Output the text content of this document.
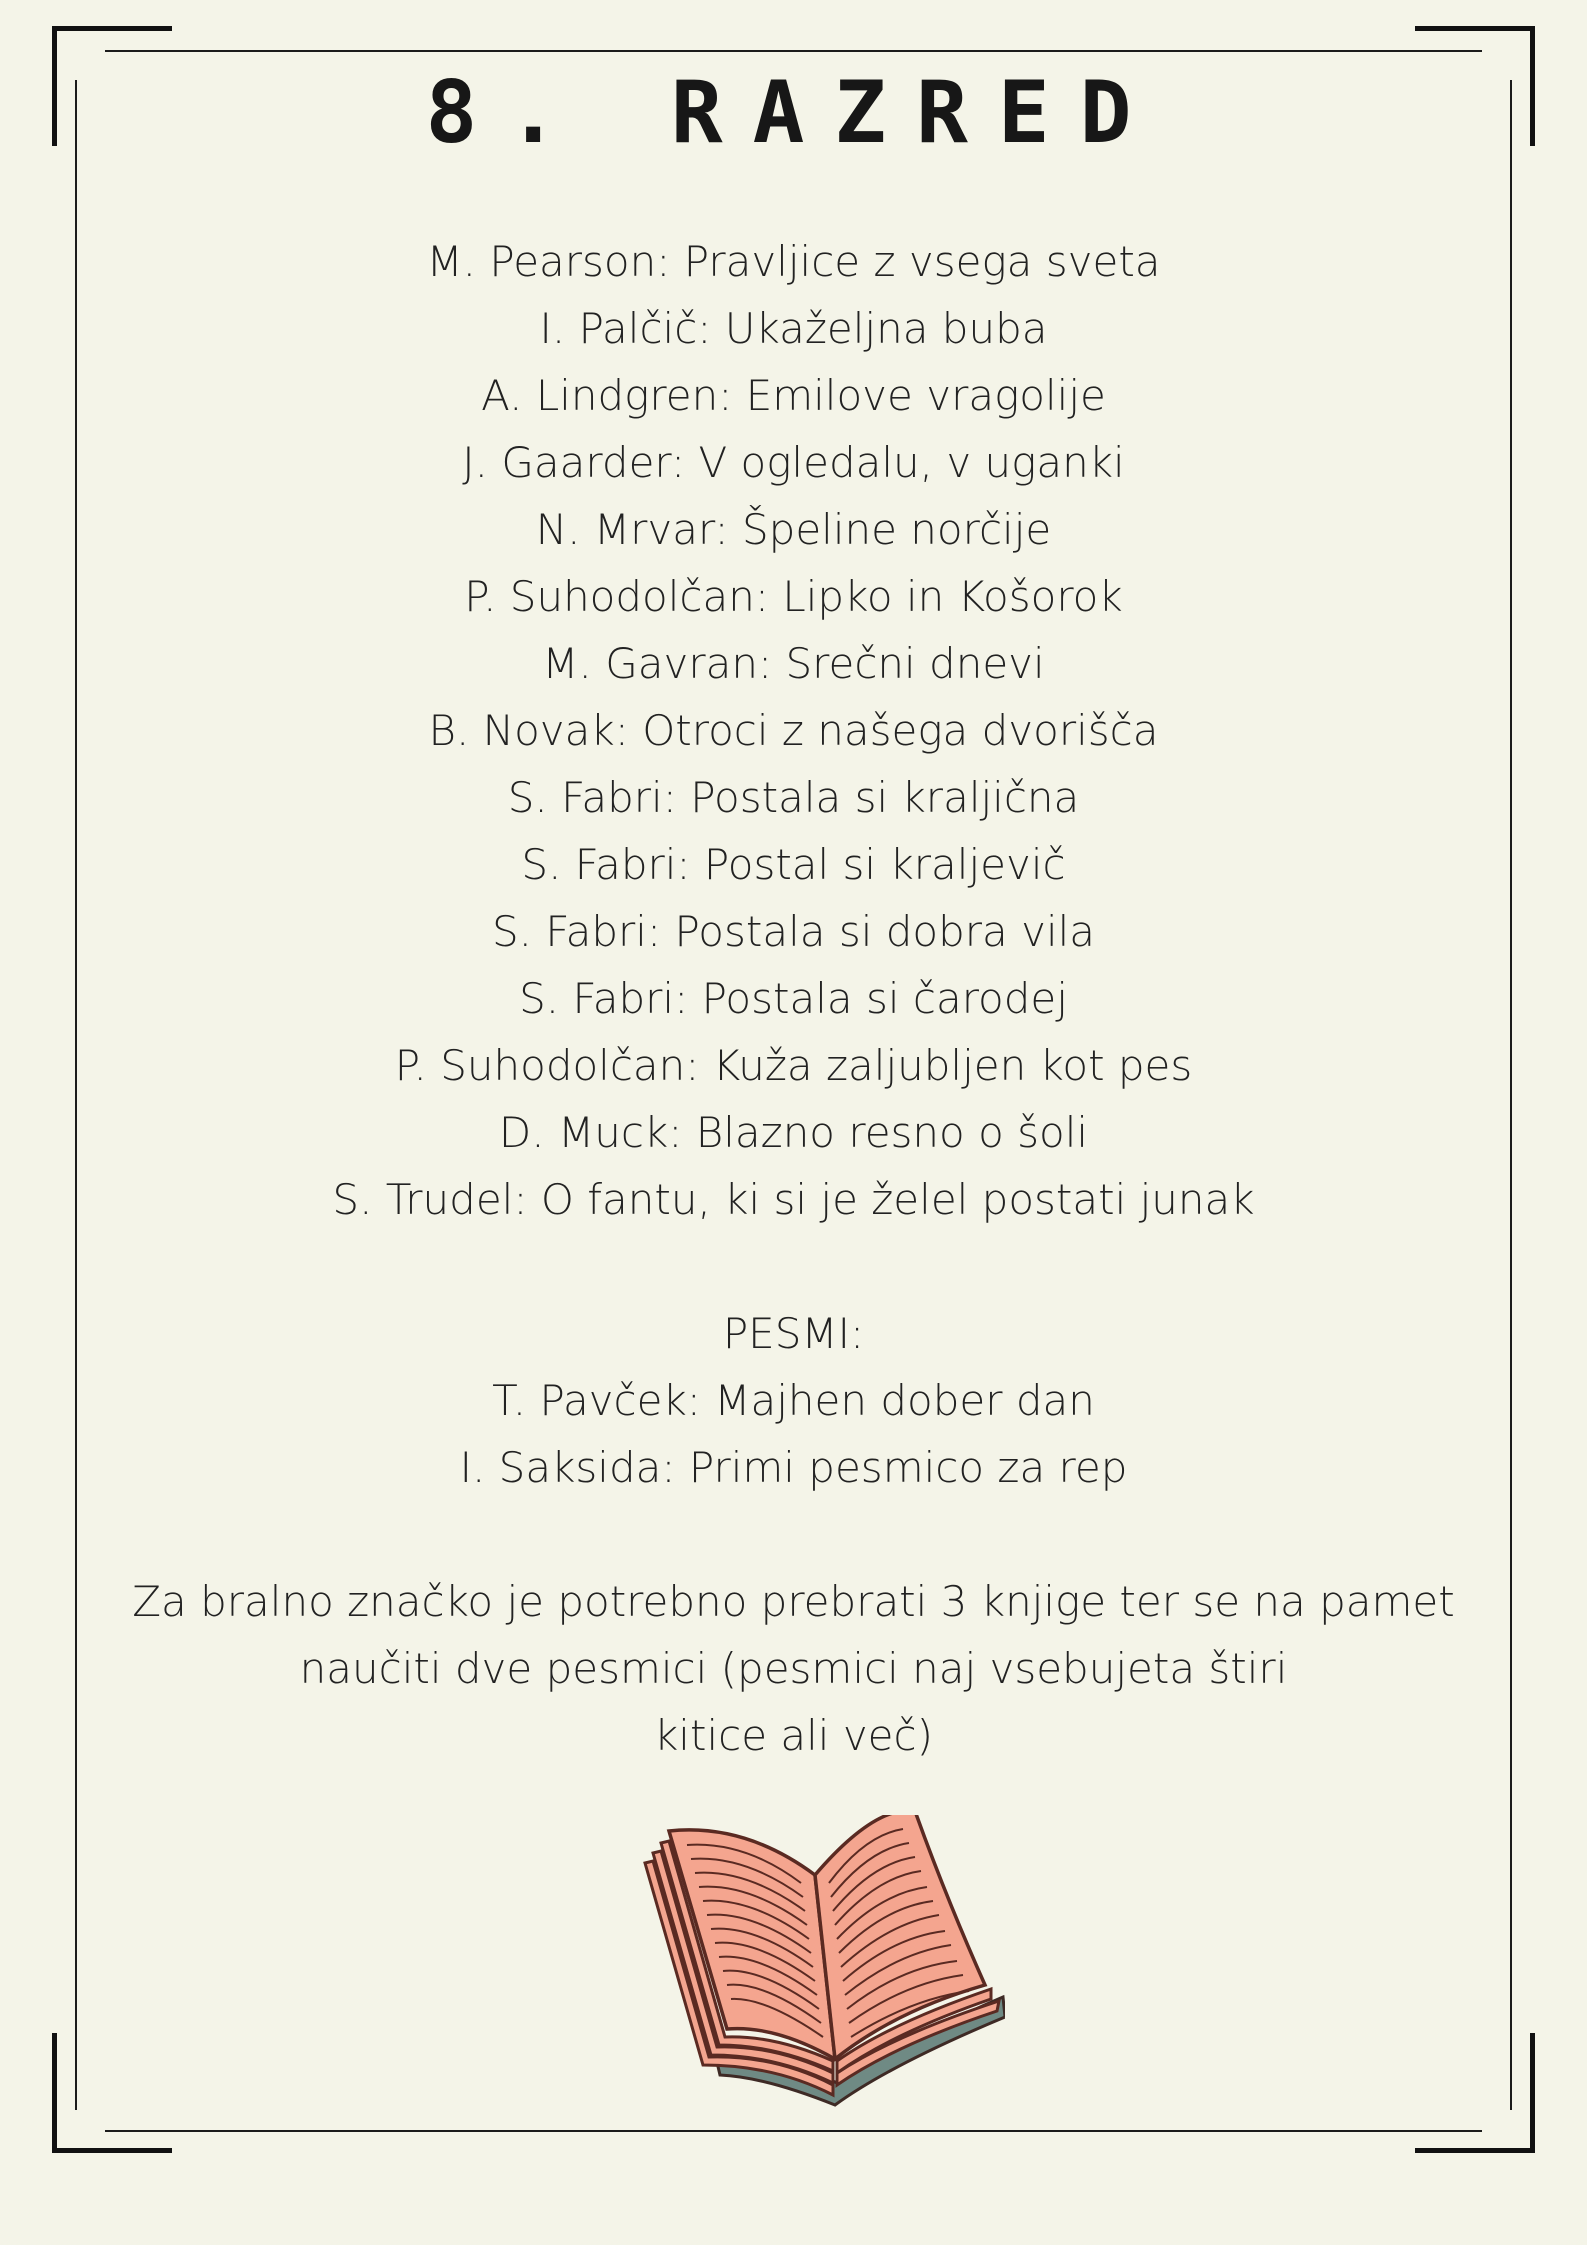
8. RAZRED
M. Pearson: Pravljice z vsega sveta
I. Palčič: Ukaželjna buba
A. Lindgren: Emilove vragolije
J. Gaarder: V ogledalu, v uganki
N. Mrvar: Špeline norčije
P. Suhodolčan: Lipko in Košorok
M. Gavran: Srečni dnevi
B. Novak: Otroci z našega dvorišča
S. Fabri: Postala si kraljična
S. Fabri: Postal si kraljevič
S. Fabri: Postala si dobra vila
S. Fabri: Postala si čarodej
P. Suhodolčan: Kuža zaljubljen kot pes
D. Muck: Blazno resno o šoli
S. Trudel: O fantu, ki si je želel postati junak
PESMI:
T. Pavček: Majhen dober dan
I. Saksida: Primi pesmico za rep
Za bralno značko je potrebno prebrati 3 knjige ter se na pamet
naučiti dve pesmici (pesmici naj vsebujeta štiri
kitice ali več)
